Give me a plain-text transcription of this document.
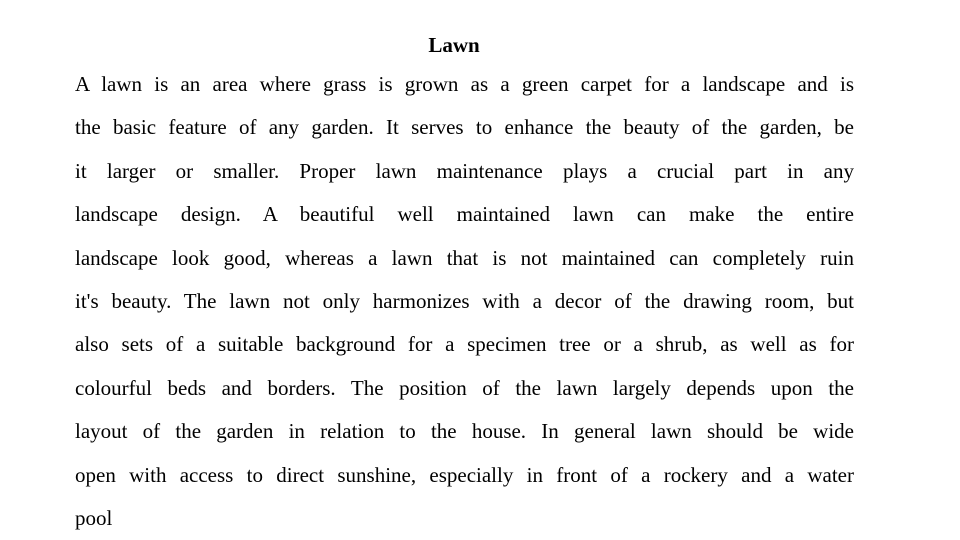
Lawn
A lawn is an area where grass is grown as a green carpet for a landscape and is
the basic feature of any garden. It serves to enhance the beauty of the garden, be
it larger or smaller. Proper lawn maintenance plays a crucial part in any
landscape design. A beautiful well maintained lawn can make the entire
landscape look good, whereas a lawn that is not maintained can completely ruin
it's beauty. The lawn not only harmonizes with a decor of the drawing room, but
also sets of a suitable background for a specimen tree or a shrub, as well as for
colourful beds and borders. The position of the lawn largely depends upon the
layout of the garden in relation to the house. In general lawn should be wide
open with access to direct sunshine, especially in front of a rockery and a water
pool
